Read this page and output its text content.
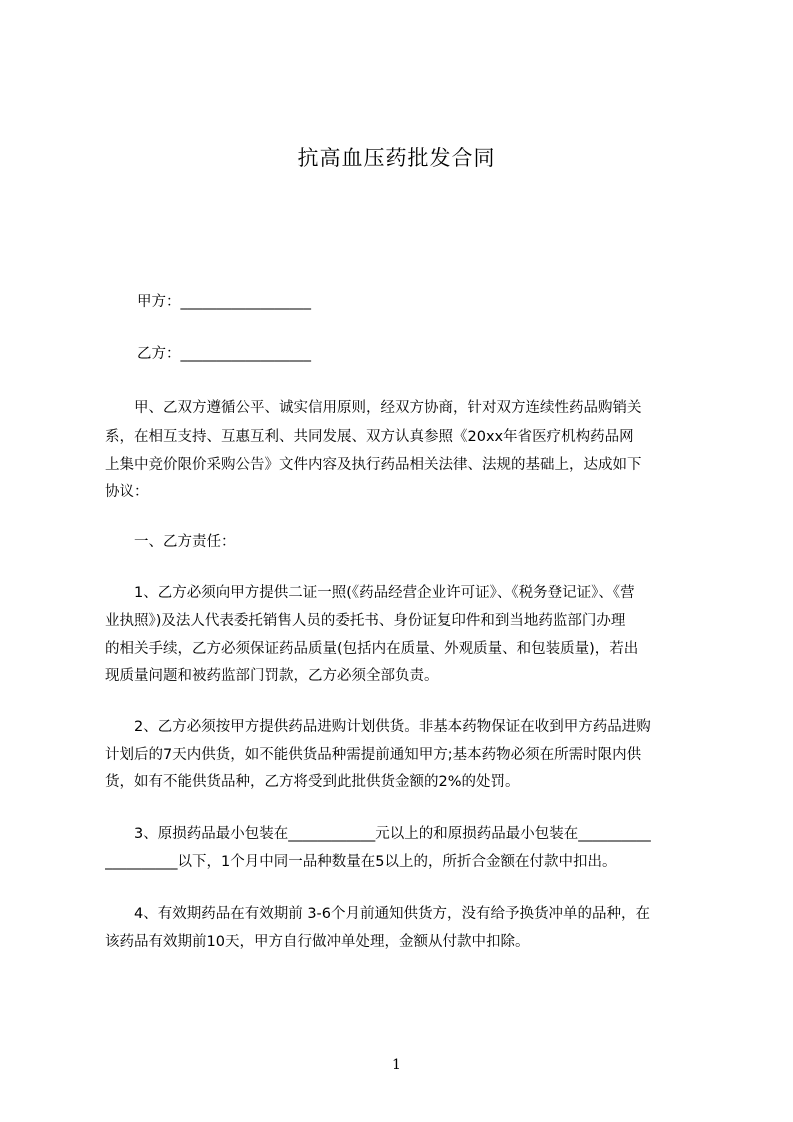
抗高血压药批发合同
甲方：__________________
乙方：__________________
　　甲、乙双方遵循公平、诚实信用原则，经双方协商，针对双方连续性药品购销关
系，在相互支持、互惠互利、共同发展、双方认真参照《20xx年省医疗机构药品网
上集中竞价限价采购公告》文件内容及执行药品相关法律、法规的基础上，达成如下
协议：
　　一、乙方责任：
　　1、乙方必须向甲方提供二证一照(《药品经营企业许可证》、《税务登记证》、《营
业执照》)及法人代表委托销售人员的委托书、身份证复印件和到当地药监部门办理
的相关手续，乙方必须保证药品质量(包括内在质量、外观质量、和包装质量)，若出
现质量问题和被药监部门罚款，乙方必须全部负责。
　　2、乙方必须按甲方提供药品进购计划供货。非基本药物保证在收到甲方药品进购
计划后的7天内供货，如不能供货品种需提前通知甲方;基本药物必须在所需时限内供
货，如有不能供货品种，乙方将受到此批供货金额的2%的处罚。
　　3、原损药品最小包装在____________元以上的和原损药品最小包装在__________
__________以下，1个月中同一品种数量在5以上的，所折合金额在付款中扣出。
　　4、有效期药品在有效期前 3-6个月前通知供货方，没有给予换货冲单的品种，在
该药品有效期前10天，甲方自行做冲单处理，金额从付款中扣除。
1
